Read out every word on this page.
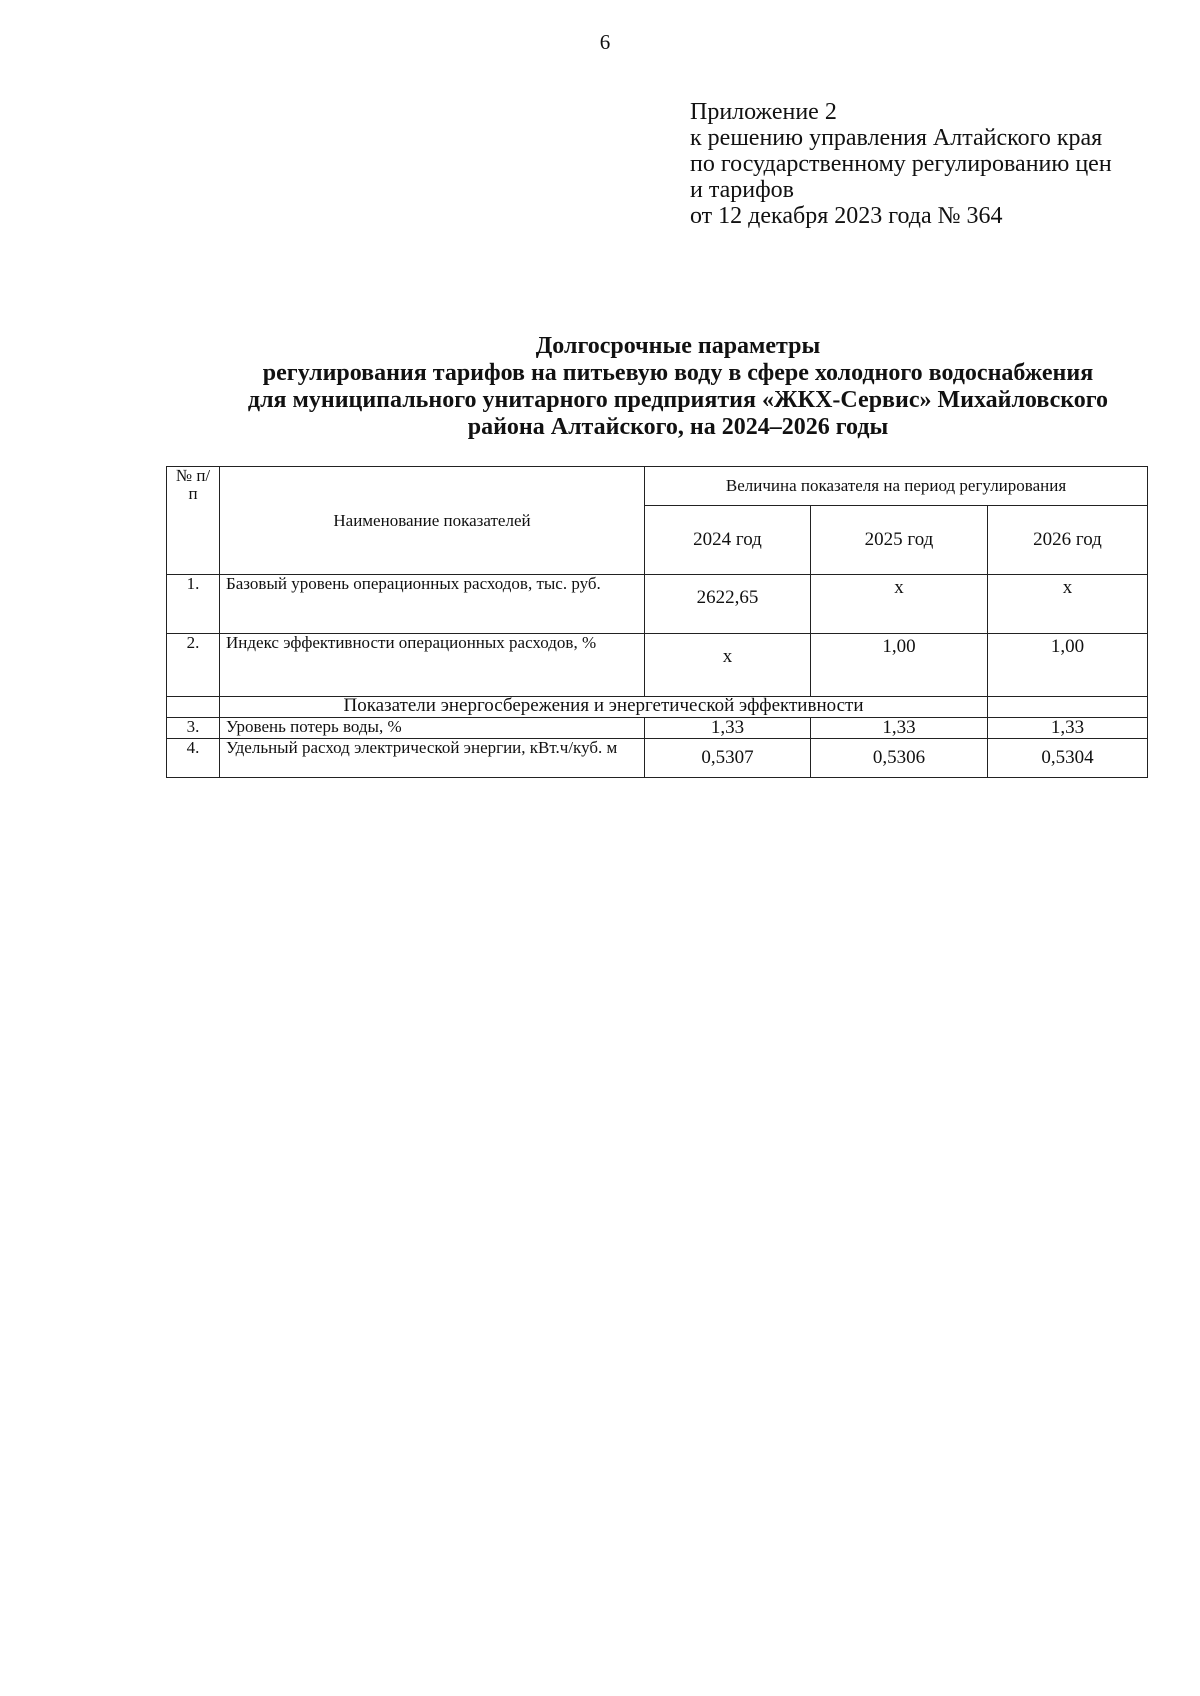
6
Приложение 2
к решению управления Алтайского края
по государственному регулированию цен
и тарифов
от 12 декабря 2023 года № 364
Долгосрочные параметры
регулирования тарифов на питьевую воду в сфере холодного водоснабжения
для муниципального унитарного предприятия «ЖКХ-Сервис» Михайловского
района Алтайского, на 2024–2026 годы
№ п/п	Наименование показателей	Величина показателя на период регулирования		
		2024 год	2025 год	2026 год
1.	Базовый уровень операционных расходов, тыс. руб.	2622,65	х	х
2.	Индекс эффективности операционных расходов, %	х	1,00	1,00
	Показатели энергосбережения и энергетической эффективности			
3.	Уровень потерь воды, %	1,33	1,33	1,33
4.	Удельный расход электрической энергии, кВт.ч/куб. м	0,5307	0,5306	0,5304
